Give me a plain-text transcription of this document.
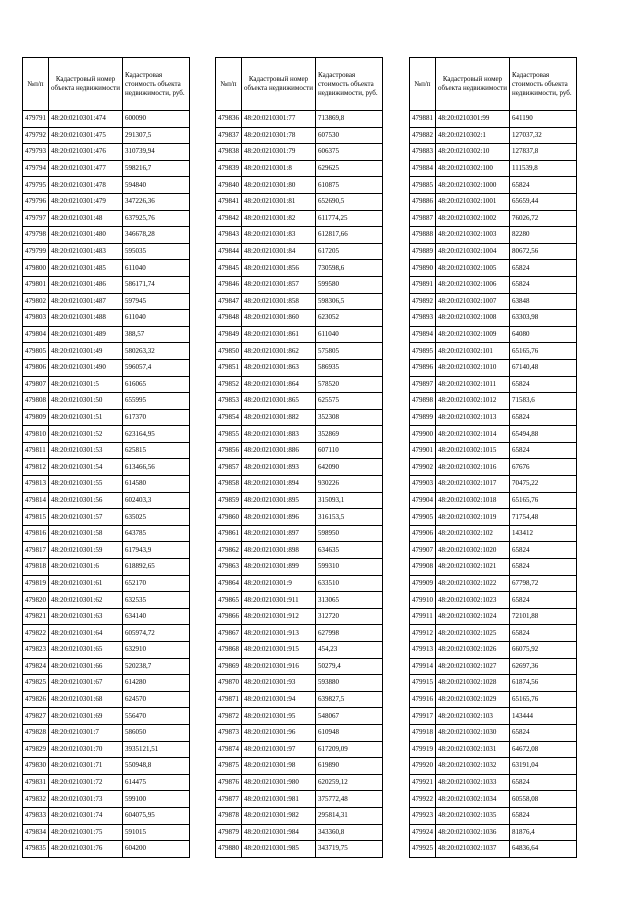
№п/п	Кадастровый номер объекта недвижимости	Кадастровая стоимость объекта недвижимости, руб.
479791	48:20:0210301:474	600090
479792	48:20:0210301:475	291307,5
479793	48:20:0210301:476	310739,94
479794	48:20:0210301:477	598216,7
479795	48:20:0210301:478	594840
479796	48:20:0210301:479	347226,36
479797	48:20:0210301:48	637925,76
479798	48:20:0210301:480	346678,28
479799	48:20:0210301:483	595035
479800	48:20:0210301:485	611040
479801	48:20:0210301:486	586171,74
479802	48:20:0210301:487	597945
479803	48:20:0210301:488	611040
479804	48:20:0210301:489	388,57
479805	48:20:0210301:49	580263,32
479806	48:20:0210301:490	596057,4
479807	48:20:0210301:5	616065
479808	48:20:0210301:50	655995
479809	48:20:0210301:51	617370
479810	48:20:0210301:52	623164,95
479811	48:20:0210301:53	625815
479812	48:20:0210301:54	613466,56
479813	48:20:0210301:55	614580
479814	48:20:0210301:56	602403,3
479815	48:20:0210301:57	635025
479816	48:20:0210301:58	643785
479817	48:20:0210301:59	617943,9
479818	48:20:0210301:6	618892,65
479819	48:20:0210301:61	652170
479820	48:20:0210301:62	632535
479821	48:20:0210301:63	634140
479822	48:20:0210301:64	605974,72
479823	48:20:0210301:65	632910
479824	48:20:0210301:66	520238,7
479825	48:20:0210301:67	614280
479826	48:20:0210301:68	624570
479827	48:20:0210301:69	556470
479828	48:20:0210301:7	586050
479829	48:20:0210301:70	3935121,51
479830	48:20:0210301:71	550948,8
479831	48:20:0210301:72	614475
479832	48:20:0210301:73	599100
479833	48:20:0210301:74	604075,95
479834	48:20:0210301:75	591015
479835	48:20:0210301:76	604200
№п/п	Кадастровый номер объекта недвижимости	Кадастровая стоимость объекта недвижимости, руб.
479836	48:20:0210301:77	713869,8
479837	48:20:0210301:78	607530
479838	48:20:0210301:79	606375
479839	48:20:0210301:8	629625
479840	48:20:0210301:80	610875
479841	48:20:0210301:81	652690,5
479842	48:20:0210301:82	611774,25
479843	48:20:0210301:83	612817,66
479844	48:20:0210301:84	617205
479845	48:20:0210301:856	730598,6
479846	48:20:0210301:857	599580
479847	48:20:0210301:858	598306,5
479848	48:20:0210301:860	623052
479849	48:20:0210301:861	611040
479850	48:20:0210301:862	575805
479851	48:20:0210301:863	586935
479852	48:20:0210301:864	578520
479853	48:20:0210301:865	625575
479854	48:20:0210301:882	352308
479855	48:20:0210301:883	352869
479856	48:20:0210301:886	607110
479857	48:20:0210301:893	642090
479858	48:20:0210301:894	930226
479859	48:20:0210301:895	315093,1
479860	48:20:0210301:896	316153,5
479861	48:20:0210301:897	598950
479862	48:20:0210301:898	634635
479863	48:20:0210301:899	599310
479864	48:20:0210301:9	633510
479865	48:20:0210301:911	313065
479866	48:20:0210301:912	312720
479867	48:20:0210301:913	627998
479868	48:20:0210301:915	454,23
479869	48:20:0210301:916	50279,4
479870	48:20:0210301:93	593880
479871	48:20:0210301:94	639827,5
479872	48:20:0210301:95	548067
479873	48:20:0210301:96	610948
479874	48:20:0210301:97	617209,09
479875	48:20:0210301:98	619890
479876	48:20:0210301:980	620259,12
479877	48:20:0210301:981	375772,48
479878	48:20:0210301:982	295814,31
479879	48:20:0210301:984	343360,8
479880	48:20:0210301:985	343719,75
№п/п	Кадастровый номер объекта недвижимости	Кадастровая стоимость объекта недвижимости, руб.
479881	48:20:0210301:99	641190
479882	48:20:0210302:1	127037,32
479883	48:20:0210302:10	127837,8
479884	48:20:0210302:100	111539,8
479885	48:20:0210302:1000	65824
479886	48:20:0210302:1001	65659,44
479887	48:20:0210302:1002	76026,72
479888	48:20:0210302:1003	82280
479889	48:20:0210302:1004	80672,56
479890	48:20:0210302:1005	65824
479891	48:20:0210302:1006	65824
479892	48:20:0210302:1007	63848
479893	48:20:0210302:1008	63303,98
479894	48:20:0210302:1009	64080
479895	48:20:0210302:101	65165,76
479896	48:20:0210302:1010	67140,48
479897	48:20:0210302:1011	65824
479898	48:20:0210302:1012	71583,6
479899	48:20:0210302:1013	65824
479900	48:20:0210302:1014	65494,88
479901	48:20:0210302:1015	65824
479902	48:20:0210302:1016	67676
479903	48:20:0210302:1017	70475,22
479904	48:20:0210302:1018	65165,76
479905	48:20:0210302:1019	71754,48
479906	48:20:0210302:102	143412
479907	48:20:0210302:1020	65824
479908	48:20:0210302:1021	65824
479909	48:20:0210302:1022	67798,72
479910	48:20:0210302:1023	65824
479911	48:20:0210302:1024	72101,88
479912	48:20:0210302:1025	65824
479913	48:20:0210302:1026	66075,92
479914	48:20:0210302:1027	62697,36
479915	48:20:0210302:1028	61874,56
479916	48:20:0210302:1029	65165,76
479917	48:20:0210302:103	143444
479918	48:20:0210302:1030	65824
479919	48:20:0210302:1031	64672,08
479920	48:20:0210302:1032	63191,04
479921	48:20:0210302:1033	65824
479922	48:20:0210302:1034	60558,08
479923	48:20:0210302:1035	65824
479924	48:20:0210302:1036	81876,4
479925	48:20:0210302:1037	64836,64
